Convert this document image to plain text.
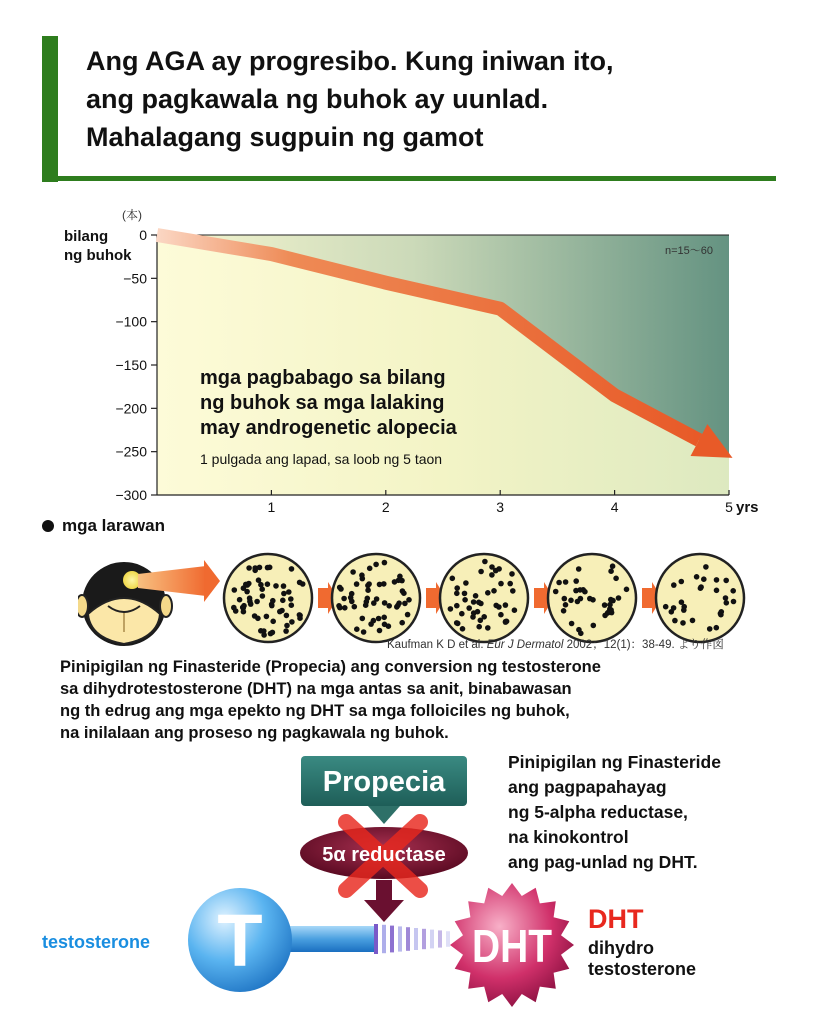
Ang AGA ay progresibo. Kung iniwan ito,
ang pagkawala ng buhok ay uunlad.
Mahalagang sugpuin ng gamot
0
−50
−100
−150
−200
−250
−300
1	2	3	4	5
(本)
bilang
ng buhok
yrs
n=15〜60
mga pagbabago sa bilang
ng buhok sa mga lalaking
may androgenetic alopecia
1 pulgada ang lapad, sa loob ng 5 taon
mga larawan
Kaufman K D et al. Eur J Dermatol 2002；12(1)：38-49. より作図
Pinipigilan ng Finasteride (Propecia) ang conversion ng testosterone
sa dihydrotestosterone (DHT) na mga antas sa anit, binabawasan
ng th edrug ang mga epekto ng DHT sa mga folloiciles ng buhok,
na inilalaan ang proseso ng pagkawala ng buhok.
Propecia
5α reductase
T	DHT
Pinipigilan ng Finasteride
ang pagpapahayag
ng 5-alpha reductase,
na kinokontrol
ang pag-unlad ng DHT.
testosterone
DHT
dihydro
testosterone
